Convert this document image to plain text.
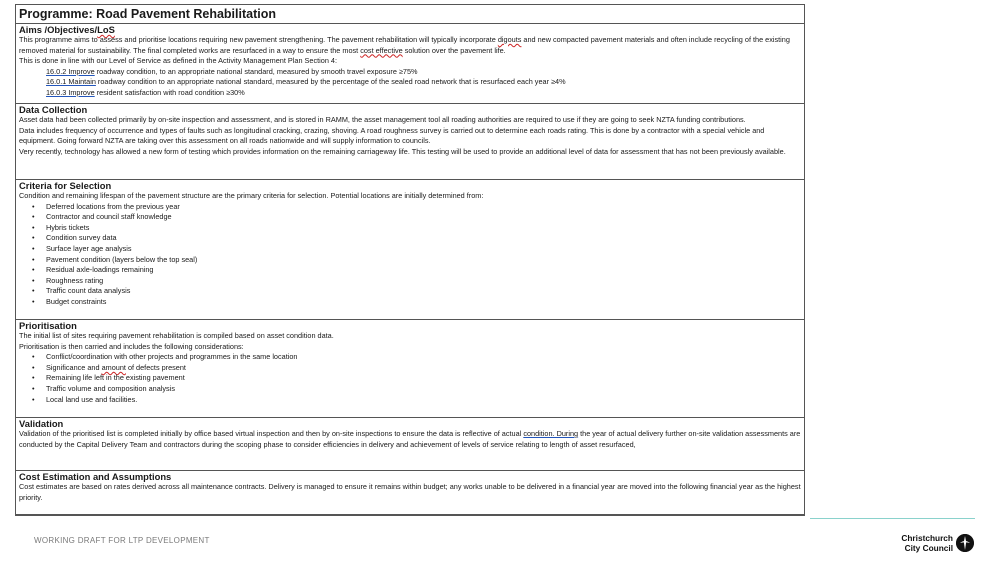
Programme: Road Pavement Rehabilitation
Aims /Objectives/LoS
This programme aims to assess and prioritise locations requiring new pavement strengthening. The pavement rehabilitation will typically incorporate digouts and new compacted pavement materials and often include recycling of the existing removed material for sustainability. The final completed works are resurfaced in a way to ensure the most cost effective solution over the pavement life.
This is done in line with our Level of Service as defined in the Activity Management Plan Section 4:
16.0.2 Improve roadway condition, to an appropriate national standard, measured by smooth travel exposure ≥75%
16.0.1 Maintain roadway condition to an appropriate national standard, measured by the percentage of the sealed road network that is resurfaced each year ≥4%
16.0.3 Improve resident satisfaction with road condition ≥30%
Data Collection
Asset data had been collected primarily by on-site inspection and assessment, and is stored in RAMM, the asset management tool all roading authorities are required to use if they are going to seek NZTA funding contributions.
Data includes frequency of occurrence and types of faults such as longitudinal cracking, crazing, shoving. A road roughness survey is carried out to determine each roads rating. This is done by a contractor with a special vehicle and equipment. Going forward NZTA are taking over this assessment on all roads nationwide and will supply information to councils.
Very recently, technology has allowed a new form of testing which provides information on the remaining carriageway life. This testing will be used to provide an additional level of data for assessment that has not been previously available.
Criteria for Selection
Condition and remaining lifespan of the pavement structure are the primary criteria for selection. Potential locations are initially determined from:
• Deferred locations from the previous year
• Contractor and council staff knowledge
• Hybris tickets
• Condition survey data
• Surface layer age analysis
• Pavement condition (layers below the top seal)
• Residual axle-loadings remaining
• Roughness rating
• Traffic count data analysis
• Budget constraints
Prioritisation
The initial list of sites requiring pavement rehabilitation is compiled based on asset condition data.
Prioritisation is then carried and includes the following considerations:
• Conflict/coordination with other projects and programmes in the same location
• Significance and amount of defects present
• Remaining life left in the existing pavement
• Traffic volume and composition analysis
• Local land use and facilities.
Validation
Validation of the prioritised list is completed initially by office based virtual inspection and then by on-site inspections to ensure the data is reflective of actual condition. During the year of actual delivery further on-site validation assessments are conducted by the Capital Delivery Team and contractors during the scoping phase to consider efficiencies in delivery and achievement of levels of service relating to length of asset resurfaced,
Cost Estimation and Assumptions
Cost estimates are based on rates derived across all maintenance contracts. Delivery is managed to ensure it remains within budget; any works unable to be delivered in a financial year are moved into the following financial year as the highest priority.
WORKING DRAFT FOR LTP DEVELOPMENT	Christchurch
City Council
